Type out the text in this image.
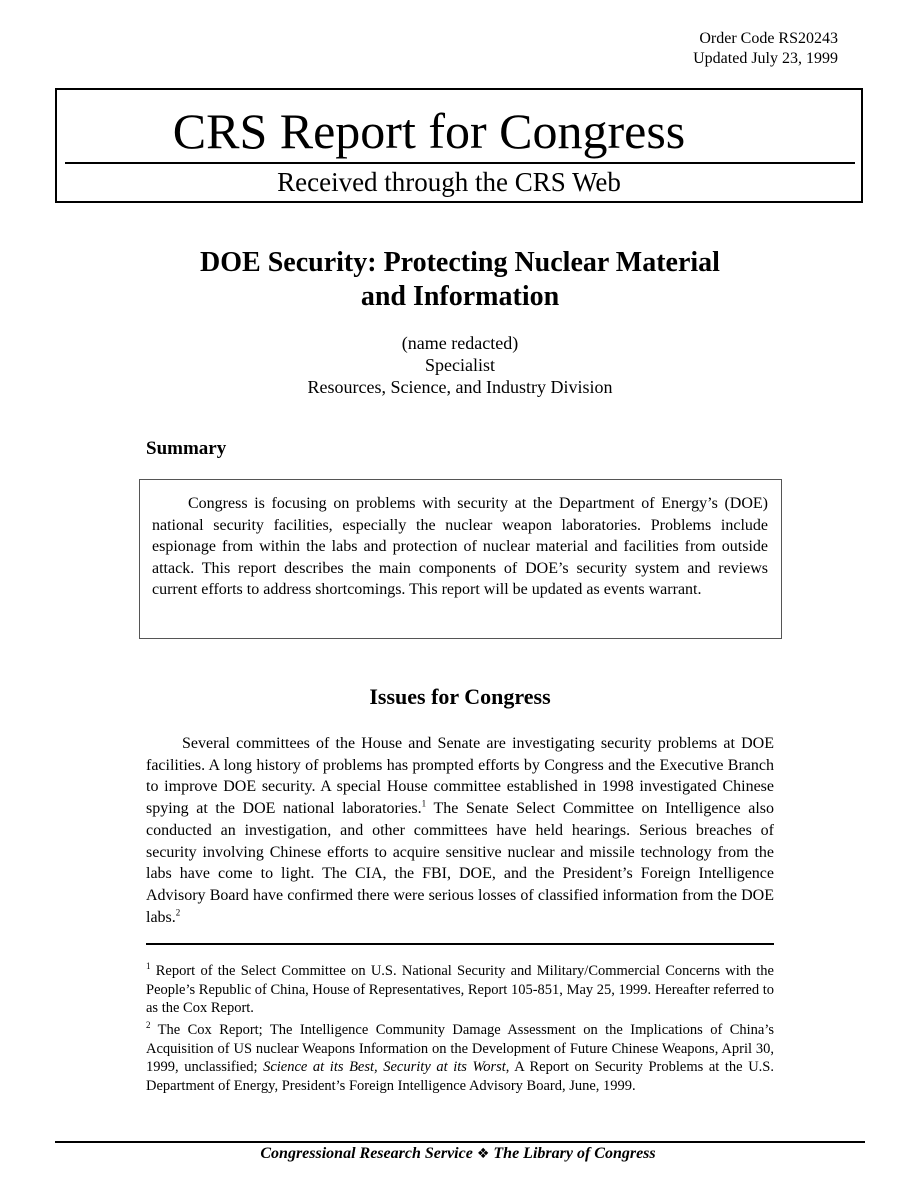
Order Code RS20243
Updated July 23, 1999
CRS Report for Congress
Received through the CRS Web
DOE Security: Protecting Nuclear Material
and Information
(name redacted)
Specialist
Resources, Science, and Industry Division
Summary
Congress is focusing on problems with security at the Department of Energy’s (DOE) national security facilities, especially the nuclear weapon laboratories. Problems include espionage from within the labs and protection of nuclear material and facilities from outside attack. This report describes the main components of DOE’s security system and reviews current efforts to address shortcomings. This report will be updated as events warrant.
Issues for Congress
Several committees of the House and Senate are investigating security problems at DOE facilities. A long history of problems has prompted efforts by Congress and the Executive Branch to improve DOE security. A special House committee established in 1998 investigated Chinese spying at the DOE national laboratories.$^1$ The Senate Select Committee on Intelligence also conducted an investigation, and other committees have held hearings. Serious breaches of security involving Chinese efforts to acquire sensitive nuclear and missile technology from the labs have come to light. The CIA, the FBI, DOE, and the President’s Foreign Intelligence Advisory Board have confirmed there were serious losses of classified information from the DOE labs.$^2$
$^1$ Report of the Select Committee on U.S. National Security and Military/Commercial Concerns with the People’s Republic of China, House of Representatives, Report 105-851, May 25, 1999. Hereafter referred to as the Cox Report.
$^2$ The Cox Report; The Intelligence Community Damage Assessment on the Implications of China’s Acquisition of US nuclear Weapons Information on the Development of Future Chinese Weapons, April 30, 1999, unclassified; Science at its Best, Security at its Worst, A Report on Security Problems at the U.S. Department of Energy, President’s Foreign Intelligence Advisory Board, June, 1999.
Congressional Research Service ❖ The Library of Congress
